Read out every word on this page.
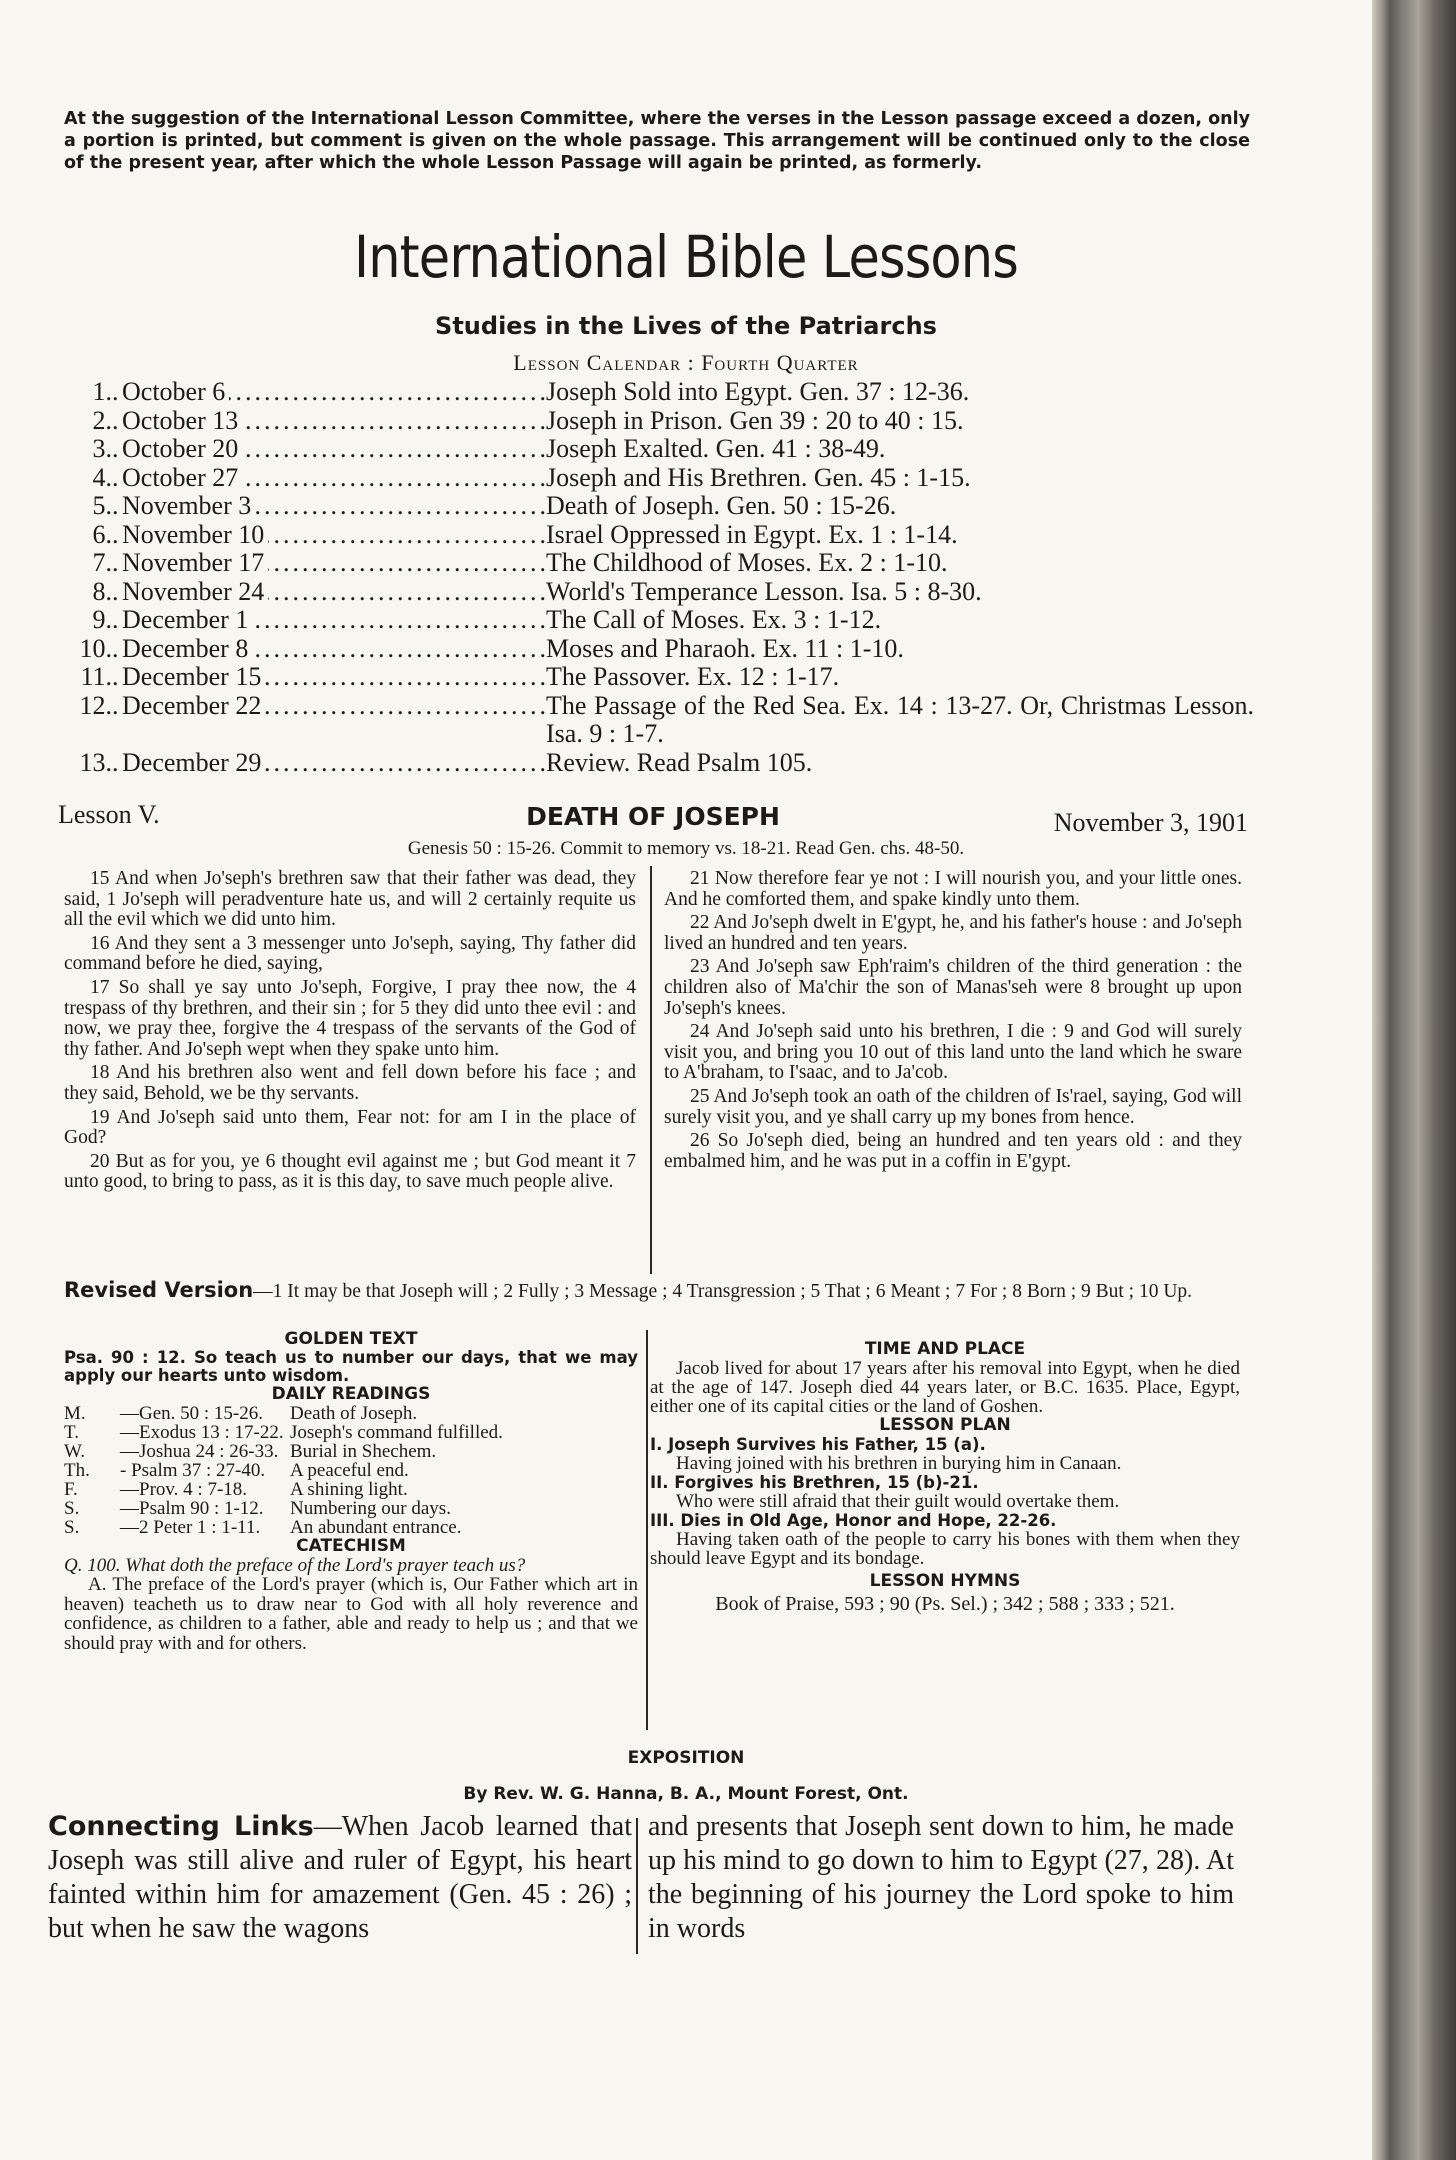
At the suggestion of the International Lesson Committee, where the verses in the Lesson passage exceed a dozen, only a portion is printed, but comment is given on the whole passage. This arrangement will be continued only to the close of the present year, after which the whole Lesson Passage will again be printed, as formerly.
International Bible Lessons
Studies in the Lives of the Patriarchs
Lesson Calendar : Fourth Quarter
1. October 6 .....	Joseph Sold into Egypt. Gen. 37 : 12-36.
2. October 13 .....	Joseph in Prison. Gen 39 : 20 to 40 : 15.
3. October 20 .....	Joseph Exalted. Gen. 41 : 38-49.
4. October 27 .....	Joseph and His Brethren. Gen. 45 : 1-15.
5. November 3 .....	Death of Joseph. Gen. 50 : 15-26.
6. November 10 .....	Israel Oppressed in Egypt. Ex. 1 : 1-14.
7. November 17 .....	The Childhood of Moses. Ex. 2 : 1-10.
8. November 24 .....	World's Temperance Lesson. Isa. 5 : 8-30.
9. December 1 .....	The Call of Moses. Ex. 3 : 1-12.
10. December 8 .....	Moses and Pharaoh. Ex. 11 : 1-10.
11. December 15 .....	The Passover. Ex. 12 : 1-17.
12. December 22 .....	The Passage of the Red Sea. Ex. 14 : 13-27. Or, Christmas Lesson. Isa. 9 : 1-7.
13. December 29 .....	Review. Read Psalm 105.
Lesson V.	DEATH OF JOSEPH	November 3, 1901
Genesis 50 : 15-26. Commit to memory vs. 18-21. Read Gen. chs. 48-50.

15 And when Jo'seph's brethren saw that their father was dead, they said, 1 Jo'seph will peradventure hate us, and will 2 certainly requite us all the evil which we did unto him.

16 And they sent a 3 messenger unto Jo'seph, saying, Thy father did command before he died, saying,

17 So shall ye say unto Jo'seph, Forgive, I pray thee now, the 4 trespass of thy brethren, and their sin ; for 5 they did unto thee evil : and now, we pray thee, forgive the 4 trespass of the servants of the God of thy father. And Jo'seph wept when they spake unto him.

18 And his brethren also went and fell down before his face ; and they said, Behold, we be thy servants.

19 And Jo'seph said unto them, Fear not: for am I in the place of God?

20 But as for you, ye 6 thought evil against me ; but God meant it 7 unto good, to bring to pass, as it is this day, to save much people alive.

21 Now therefore fear ye not : I will nourish you, and your little ones. And he comforted them, and spake kindly unto them.

22 And Jo'seph dwelt in E'gypt, he, and his father's house : and Jo'seph lived an hundred and ten years.

23 And Jo'seph saw Eph'raim's children of the third generation : the children also of Ma'chir the son of Manas'seh were 8 brought up upon Jo'seph's knees.

24 And Jo'seph said unto his brethren, I die : 9 and God will surely visit you, and bring you 10 out of this land unto the land which he sware to A'braham, to I'saac, and to Ja'cob.

25 And Jo'seph took an oath of the children of Is'rael, saying, God will surely visit you, and ye shall carry up my bones from hence.

26 So Jo'seph died, being an hundred and ten years old : and they embalmed him, and he was put in a coffin in E'gypt.

Revised Version—1 It may be that Joseph will ; 2 Fully ; 3 Message ; 4 Transgression ; 5 That ; 6 Meant ; 7 For ; 8 Born ; 9 But ; 10 Up.
GOLDEN TEXT
Psa. 90 : 12. So teach us to number our days, that we may apply our hearts unto wisdom.
DAILY READINGS
M.	—Gen. 50 : 15-26.	Death of Joseph.
T.	—Exodus 13 : 17-22. Joseph's command fulfilled.
W.	—Joshua 24 : 26-33. Burial in Shechem.
Th.	- Psalm 37 : 27-40.	A peaceful end.
F.	—Prov. 4 : 7-18.	A shining light.
S.	—Psalm 90 : 1-12.	Numbering our days.
S.	—2 Peter 1 : 1-11.	An abundant entrance.
CATECHISM
Q. 100. What doth the preface of the Lord's prayer teach us?
A. The preface of the Lord's prayer (which is, Our Father which art in heaven) teacheth us to draw near to God with all holy reverence and confidence, as children to a father, able and ready to help us ; and that we should pray with and for others.
TIME AND PLACE
Jacob lived for about 17 years after his removal into Egypt, when he died at the age of 147. Joseph died 44 years later, or B.C. 1635. Place, Egypt, either one of its capital cities or the land of Goshen.
LESSON PLAN
I. Joseph Survives his Father, 15 (a).
Having joined with his brethren in burying him in Canaan.
II. Forgives his Brethren, 15 (b)-21.
Who were still afraid that their guilt would overtake them.
III. Dies in Old Age, Honor and Hope, 22-26.
Having taken oath of the people to carry his bones with them when they should leave Egypt and its bondage.
LESSON HYMNS
Book of Praise, 593 ; 90 (Ps. Sel.) ; 342 ; 588 ; 333 ; 521.
EXPOSITION
By Rev. W. G. Hanna, B. A., Mount Forest, Ont.

Connecting Links—When Jacob learned that Joseph was still alive and ruler of Egypt, his heart fainted within him for amazement (Gen. 45 : 26) ; but when he saw the wagons

and presents that Joseph sent down to him, he made up his mind to go down to him to Egypt (27, 28). At the beginning of his journey the Lord spoke to him in words
